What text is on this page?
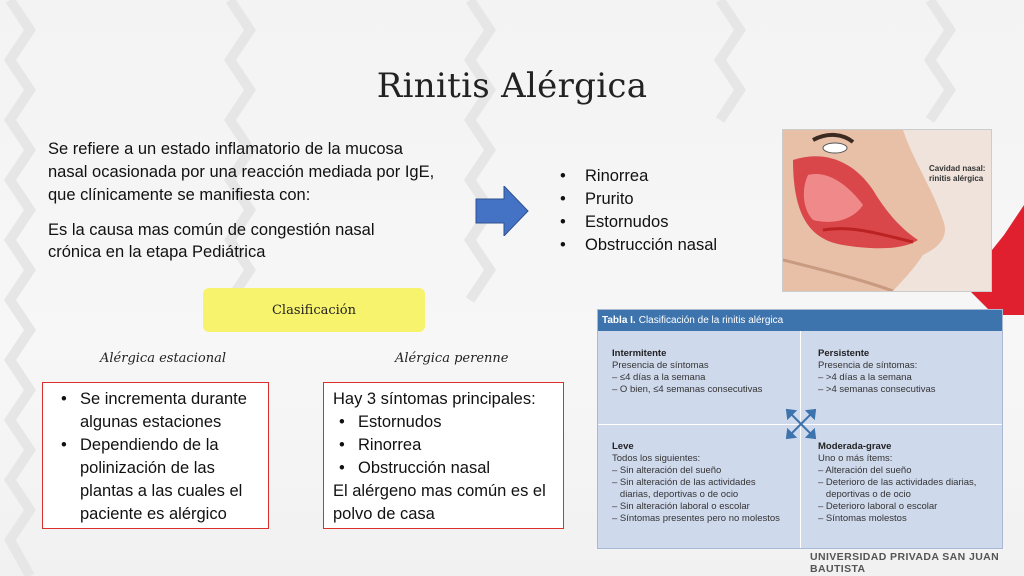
Rinitis Alérgica
Se refiere a un estado inflamatorio de la mucosa nasal ocasionada por una reacción mediada por IgE, que clínicamente se manifiesta con:
Es la causa mas común de congestión nasal crónica en la etapa Pediátrica
• Rinorrea
• Prurito
• Estornudos
• Obstrucción nasal
Cavidad nasal:
rinitis alérgica
Clasificación
Alérgica estacional	Alérgica perenne
• Se incrementa durante algunas estaciones
• Dependiendo de la polinización de las plantas a las cuales el paciente es alérgico
Hay 3 síntomas principales:
• Estornudos
• Rinorrea
• Obstrucción nasal
El alérgeno mas común es el polvo de casa
Tabla I. Clasificación de la rinitis alérgica
Intermitente
Presencia de síntomas
– ≤4 días a la semana
– O bien, ≤4 semanas consecutivas
Persistente
Presencia de síntomas:
– >4 días a la semana
– >4 semanas consecutivas
Leve
Todos los siguientes:
– Sin alteración del sueño
– Sin alteración de las actividades
diarias, deportivas o de ocio
– Sin alteración laboral o escolar
– Síntomas presentes pero no molestos
Moderada-grave
Uno o más ítems:
– Alteración del sueño
– Deterioro de las actividades diarias,
deportivas o de ocio
– Deterioro laboral o escolar
– Síntomas molestos
UNIVERSIDAD PRIVADA SAN JUAN BAUTISTA
